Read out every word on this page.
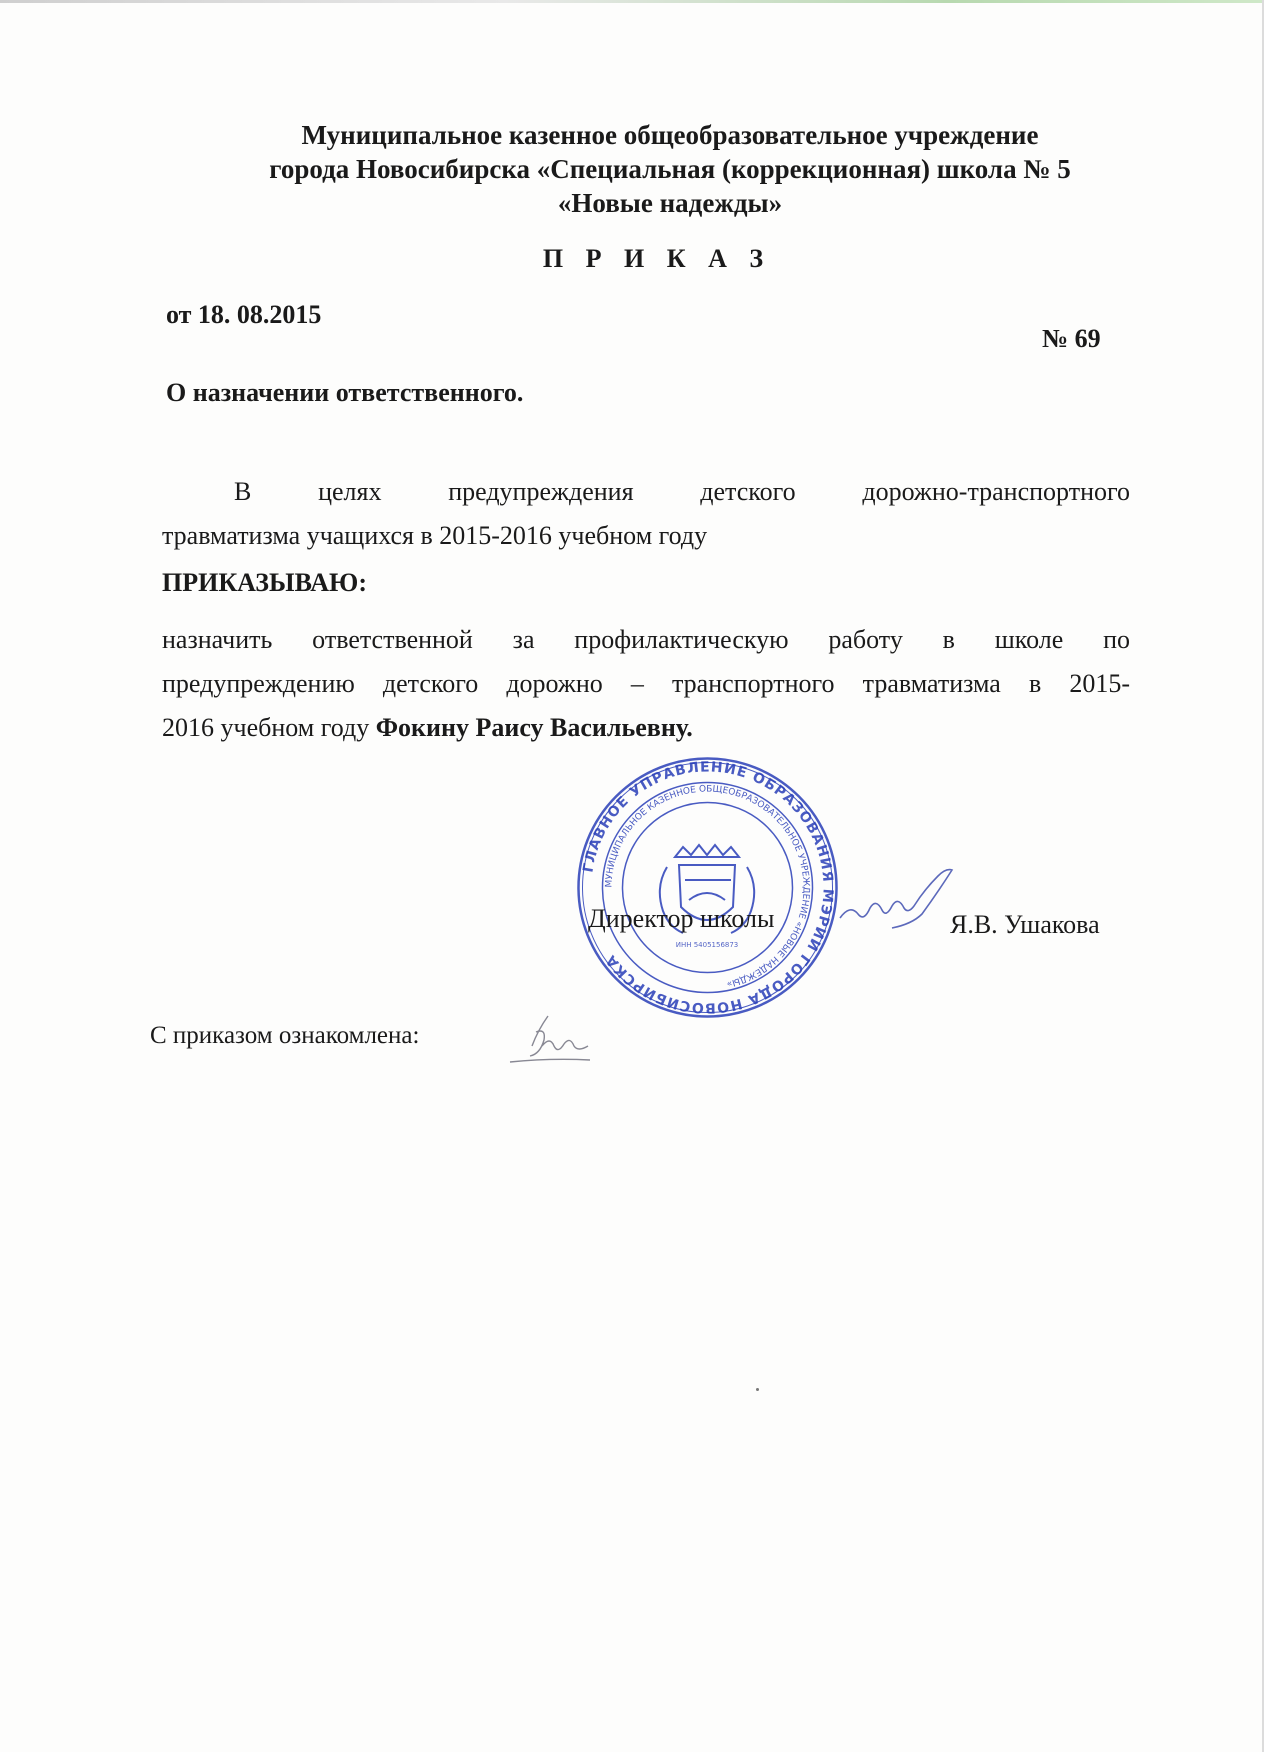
Муниципальное казенное общеобразовательное учреждение
города Новосибирска «Специальная (коррекционная) школа № 5
«Новые надежды»
П Р И К А З
от 18. 08.2015
№ 69
О назначении ответственного.
В целях предупреждения детского дорожно-транспортного
травматизма учащихся в 2015-2016 учебном году
ПРИКАЗЫВАЮ:
назначить ответственной за профилактическую работу в школе по
предупреждению детского дорожно – транспортного травматизма в 2015-
2016 учебном году Фокину Раису Васильевну.
ГЛАВНОЕ УПРАВЛЕНИЕ ОБРАЗОВАНИЯ МЭРИИ ГОРОДА НОВОСИБИРСКА
МУНИЦИПАЛЬНОЕ КАЗЕННОЕ ОБЩЕОБРАЗОВАТЕЛЬНОЕ УЧРЕЖДЕНИЕ «НОВЫЕ НАДЕЖДЫ»
ИНН 5405156873
Директор школы	Я.В. Ушакова
С приказом ознакомлена:
